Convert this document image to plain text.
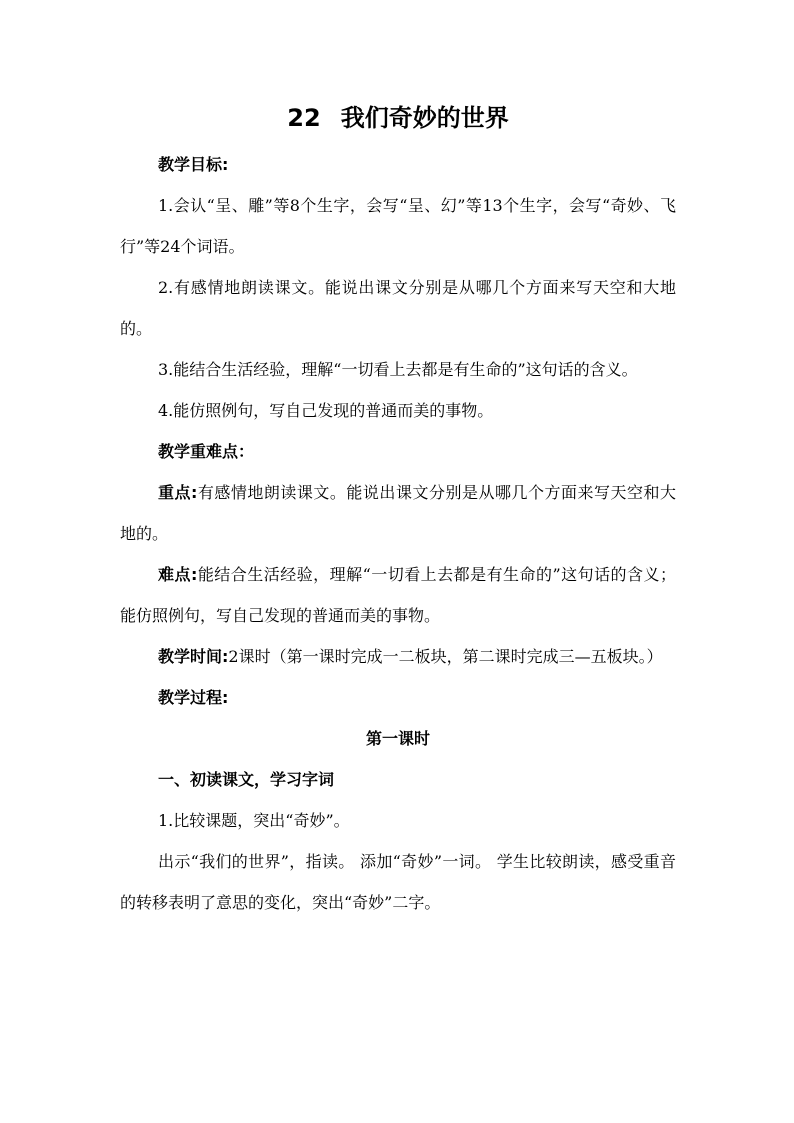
22 我们奇妙的世界

教学目标:

1.会认“呈、雕”等8个生字，会写“呈、幻”等13个生字，会写“奇妙、飞行”等24个词语。

2.有感情地朗读课文。能说出课文分别是从哪几个方面来写天空和大地的。

3.能结合生活经验，理解“一切看上去都是有生命的”这句话的含义。

4.能仿照例句，写自己发现的普通而美的事物。

教学重难点：

重点:有感情地朗读课文。能说出课文分别是从哪几个方面来写天空和大地的。

难点:能结合生活经验，理解“一切看上去都是有生命的”这句话的含义；能仿照例句，写自己发现的普通而美的事物。

教学时间:2课时（第一课时完成一二板块，第二课时完成三—五板块。）

教学过程:

第一课时

一、初读课文，学习字词

1.比较课题，突出“奇妙”。

出示“我们的世界”，指读。 添加“奇妙”一词。 学生比较朗读，感受重音的转移表明了意思的变化，突出“奇妙”二字。
